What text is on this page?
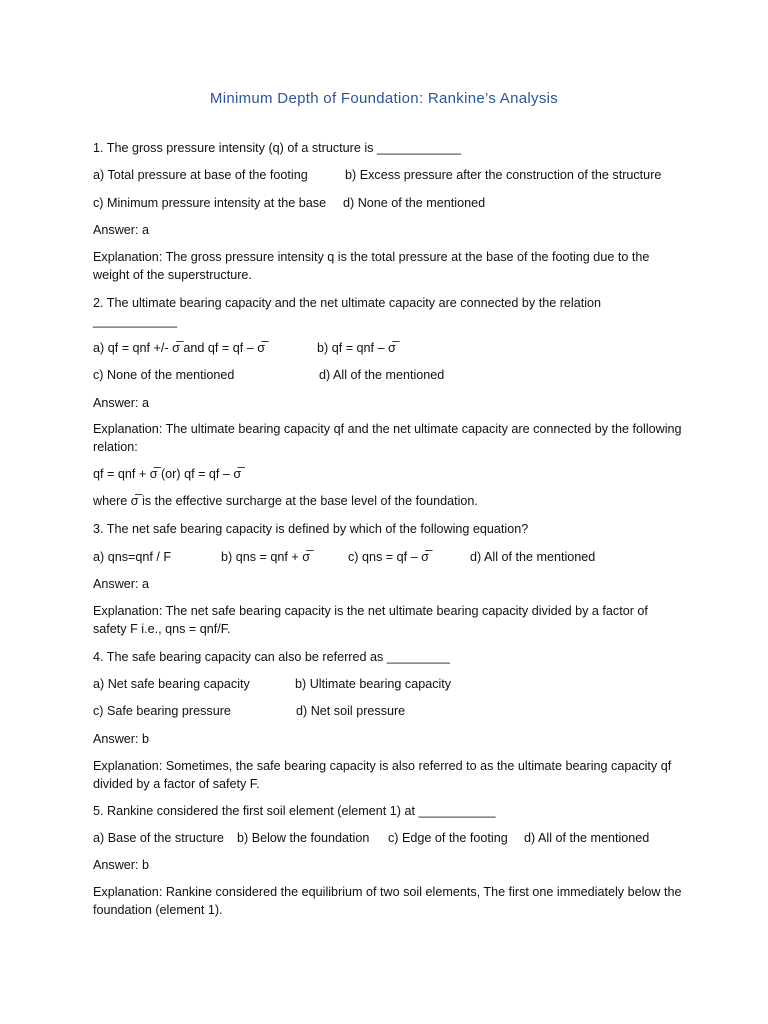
Minimum Depth of Foundation: Rankine’s Analysis
1. The gross pressure intensity (q) of a structure is ____________
a) Total pressure at base of the footing	b) Excess pressure after the construction of the structure
c) Minimum pressure intensity at the base d) None of the mentioned
Answer: a
Explanation: The gross pressure intensity q is the total pressure at the base of the footing due to the weight of the superstructure.
2. The ultimate bearing capacity and the net ultimate capacity are connected by the relation
____________
a) qf = qnf +/- σ̅ and qf = qf – σ̅	b) qf = qnf – σ̅
c) None of the mentioned	d) All of the mentioned
Answer: a
Explanation: The ultimate bearing capacity qf and the net ultimate capacity are connected by the following relation:
qf = qnf + σ̅ (or) qf = qf – σ̅
where σ̅ is the effective surcharge at the base level of the foundation.
3. The net safe bearing capacity is defined by which of the following equation?
a) qns=qnf / F	b) qns = qnf + σ̅	c) qns = qf – σ̅	d) All of the mentioned
Answer: a
Explanation: The net safe bearing capacity is the net ultimate bearing capacity divided by a factor of safety F i.e., qns = qnf/F.
4. The safe bearing capacity can also be referred as _________
a) Net safe bearing capacity	b) Ultimate bearing capacity
c) Safe bearing pressure	d) Net soil pressure
Answer: b
Explanation: Sometimes, the safe bearing capacity is also referred to as the ultimate bearing capacity qf divided by a factor of safety F.
5. Rankine considered the first soil element (element 1) at ___________
a) Base of the structure b) Below the foundation c) Edge of the footing d) All of the mentioned
Answer: b
Explanation: Rankine considered the equilibrium of two soil elements, The first one immediately below the foundation (element 1).
